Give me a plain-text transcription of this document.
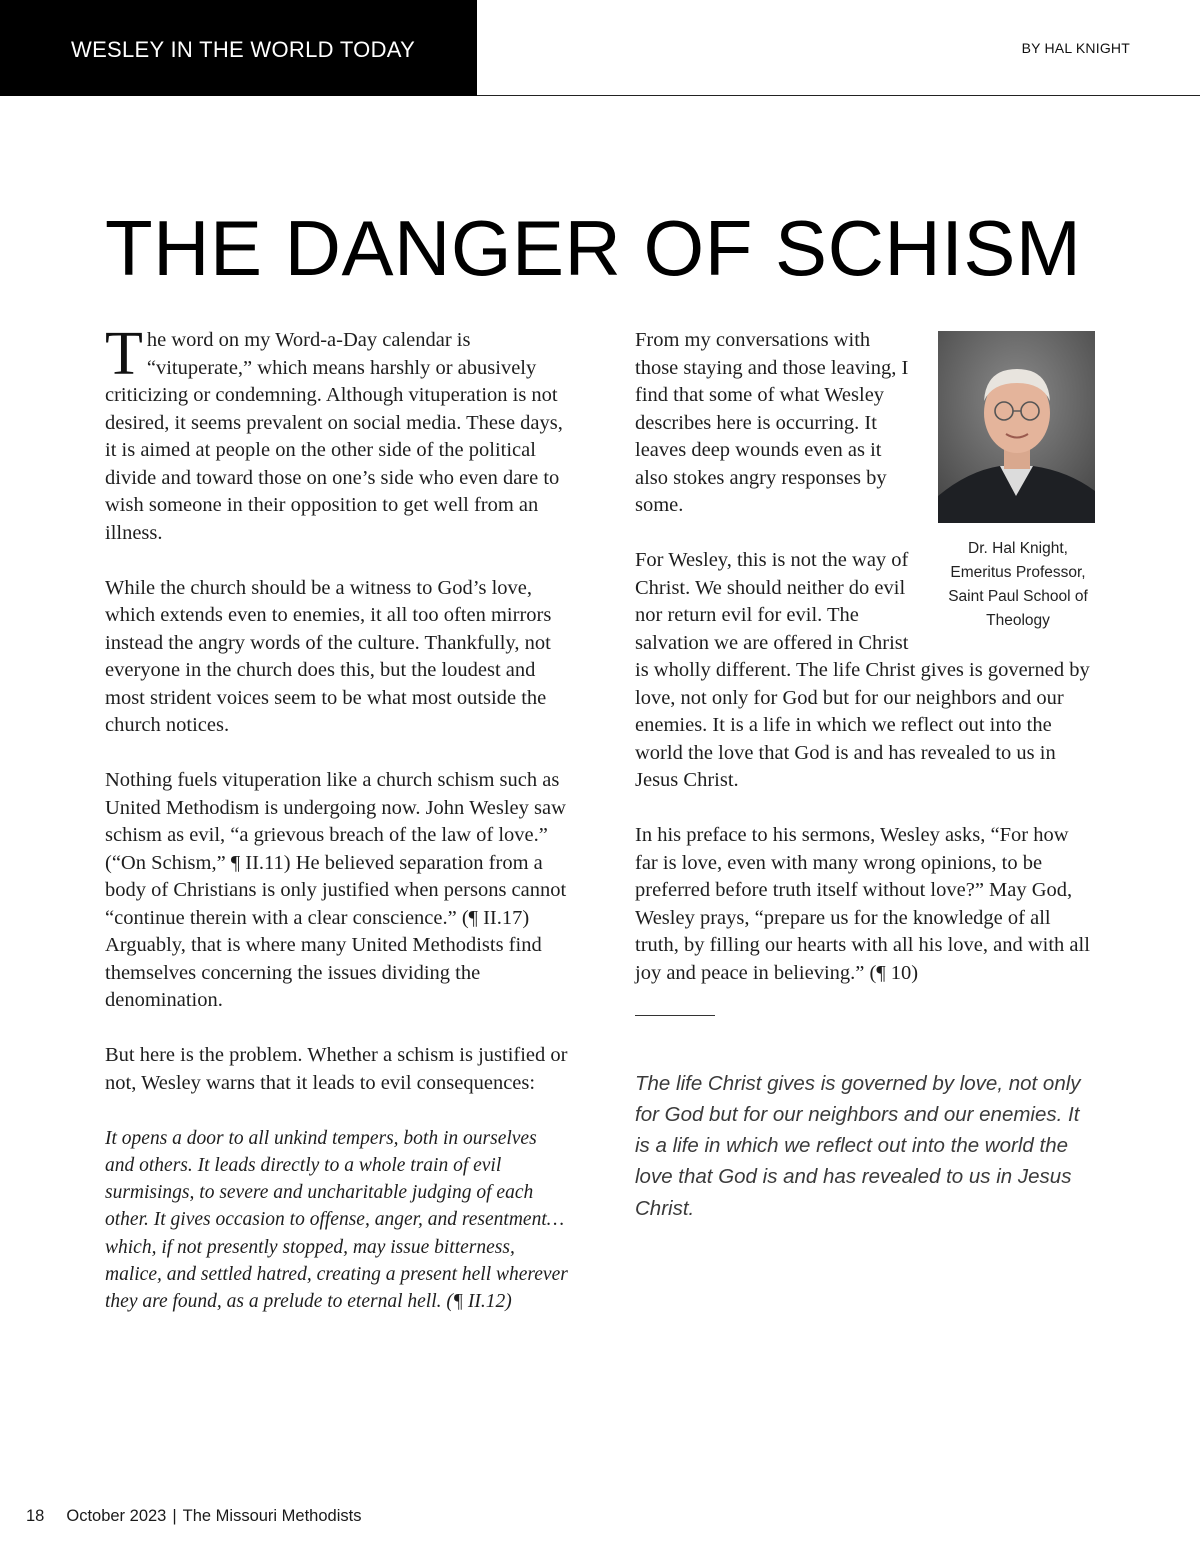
WESLEY IN THE WORLD TODAY	BY HAL KNIGHT
THE DANGER OF SCHISM

The word on my Word-a-Day calendar is “vituperate,” which means harshly or abusively criticizing or condemning. Although vituperation is not desired, it seems prevalent on social media. These days, it is aimed at people on the other side of the political divide and toward those on one’s side who even dare to wish someone in their opposition to get well from an illness.

While the church should be a witness to God’s love, which extends even to enemies, it all too often mirrors instead the angry words of the culture. Thankfully, not everyone in the church does this, but the loudest and most strident voices seem to be what most outside the church notices.

Nothing fuels vituperation like a church schism such as United Methodism is undergoing now. John Wesley saw schism as evil, “a grievous breach of the law of love.” (“On Schism,” ¶ II.11) He believed separation from a body of Christians is only justified when persons cannot “continue therein with a clear conscience.” (¶ II.17) Arguably, that is where many United Methodists find themselves concerning the issues dividing the denomination.

But here is the problem. Whether a schism is justified or not, Wesley warns that it leads to evil consequences:

It opens a door to all unkind tempers, both in ourselves and others. It leads directly to a whole train of evil surmisings, to severe and uncharitable judging of each other. It gives occasion to offense, anger, and resentment…which, if not presently stopped, may issue bitterness, malice, and settled hatred, creating a present hell wherever they are found, as a prelude to eternal hell. (¶ II.12)

Dr. Hal Knight,
Emeritus Professor,
Saint Paul School of
Theology

From my conversations with those staying and those leaving, I find that some of what Wesley describes here is occurring. It leaves deep wounds even as it also stokes angry responses by some.

For Wesley, this is not the way of Christ. We should neither do evil nor return evil for evil. The salvation we are offered in Christ is wholly different. The life Christ gives is governed by love, not only for God but for our neighbors and our enemies. It is a life in which we reflect out into the world the love that God is and has revealed to us in Jesus Christ.

In his preface to his sermons, Wesley asks, “For how far is love, even with many wrong opinions, to be preferred before truth itself without love?” May God, Wesley prays, “prepare us for the knowledge of all truth, by filling our hearts with all his love, and with all joy and peace in believing.” (¶ 10)

The life Christ gives is governed by love, not only for God but for our neighbors and our enemies. It is a life in which we reflect out into the world the love that God is and has revealed to us in Jesus Christ.

18 October 2023 | The Missouri Methodists
